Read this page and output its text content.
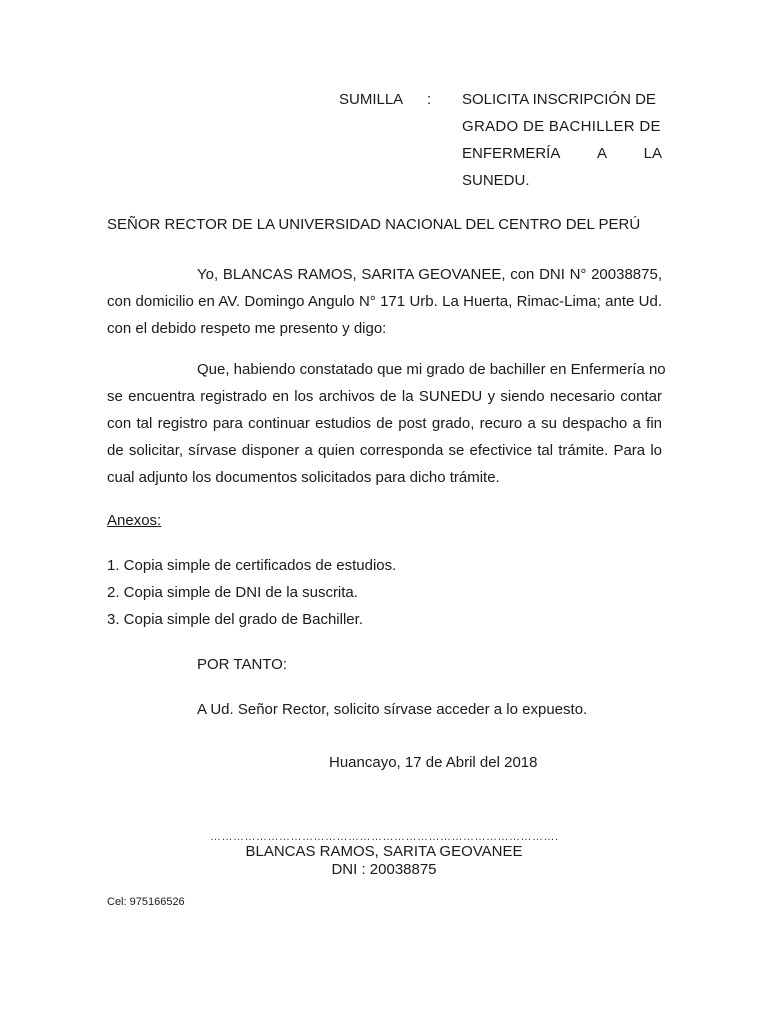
SUMILLA : SOLICITA INSCRIPCIÓN DE
GRADO DE BACHILLER DE
ENFERMERÍA A LA
SUNEDU.
SEÑOR RECTOR DE LA UNIVERSIDAD NACIONAL DEL CENTRO DEL PERÚ
Yo, BLANCAS RAMOS, SARITA GEOVANEE, con DNI N° 20038875,
con domicilio en AV. Domingo Angulo N° 171 Urb. La Huerta, Rimac-Lima; ante Ud.
con el debido respeto me presento y digo:
Que, habiendo constatado que mi grado de bachiller en Enfermería no
se encuentra registrado en los archivos de la SUNEDU y siendo necesario contar
con tal registro para continuar estudios de post grado, recuro a su despacho a fin
de solicitar, sírvase disponer a quien corresponda se efectivice tal trámite. Para lo
cual adjunto los documentos solicitados para dicho trámite.
Anexos:
1. Copia simple de certificados de estudios.
2. Copia simple de DNI de la suscrita.
3. Copia simple del grado de Bachiller.
POR TANTO:
A Ud. Señor Rector, solicito sírvase acceder a lo expuesto.
Huancayo, 17 de Abril del 2018
……………………………………………………………………………….
BLANCAS RAMOS, SARITA GEOVANEE
DNI : 20038875
Cel: 975166526
